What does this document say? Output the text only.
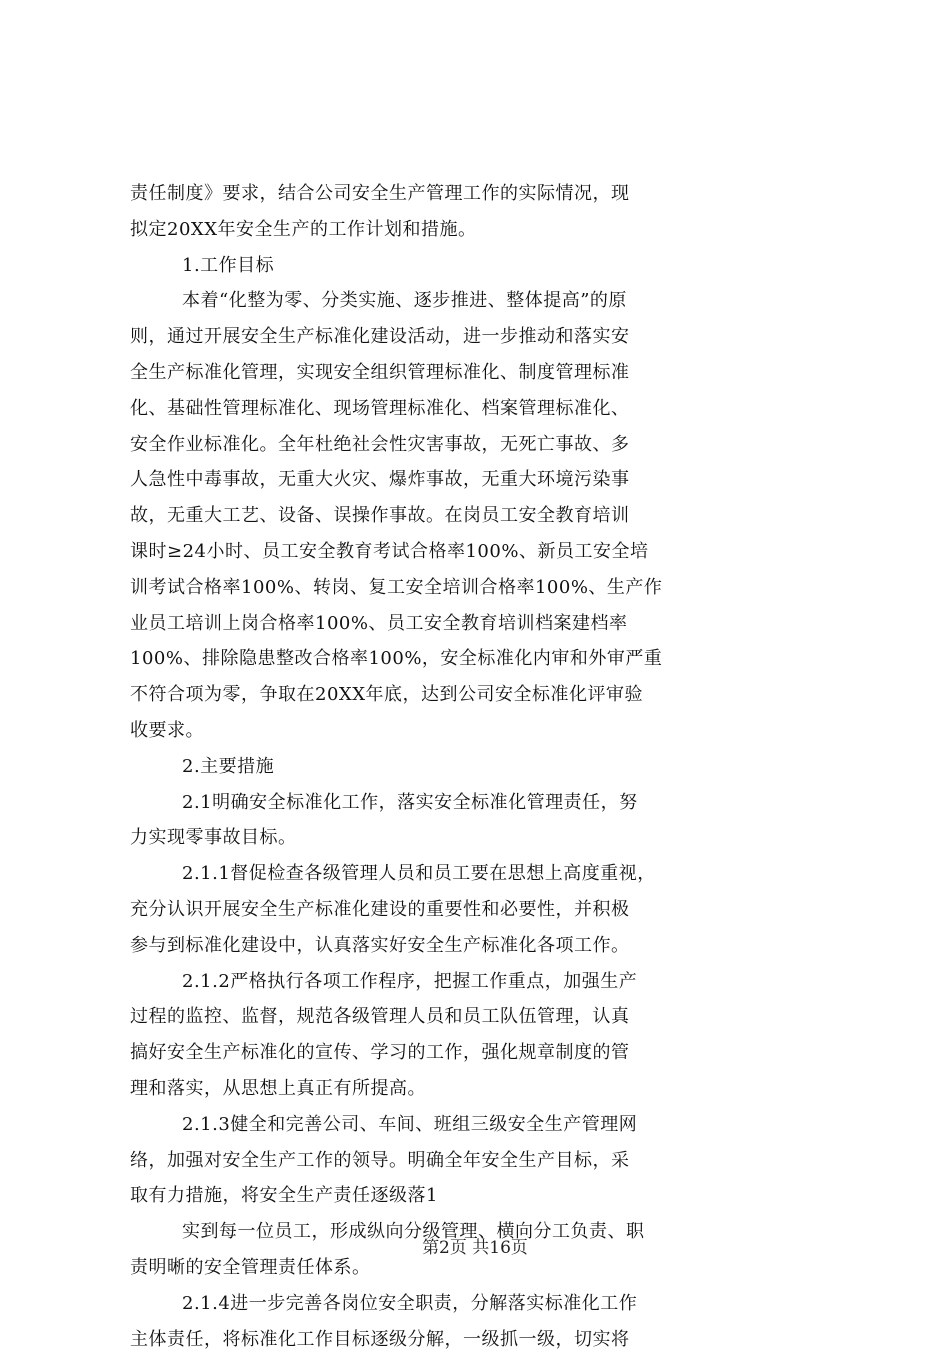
责任制度》要求，结合公司安全生产管理工作的实际情况，现
拟定20XX年安全生产的工作计划和措施。
1.工作目标
本着“化整为零、分类实施、逐步推进、整体提高”的原
则，通过开展安全生产标准化建设活动，进一步推动和落实安
全生产标准化管理，实现安全组织管理标准化、制度管理标准
化、基础性管理标准化、现场管理标准化、档案管理标准化、
安全作业标准化。全年杜绝社会性灾害事故，无死亡事故、多
人急性中毒事故，无重大火灾、爆炸事故，无重大环境污染事
故，无重大工艺、设备、误操作事故。在岗员工安全教育培训
课时≥24小时、员工安全教育考试合格率100%、新员工安全培
训考试合格率100%、转岗、复工安全培训合格率100%、生产作
业员工培训上岗合格率100%、员工安全教育培训档案建档率
100%、排除隐患整改合格率100%，安全标准化内审和外审严重
不符合项为零，争取在20XX年底，达到公司安全标准化评审验
收要求。
2.主要措施
2.1明确安全标准化工作，落实安全标准化管理责任，努
力实现零事故目标。
2.1.1督促检查各级管理人员和员工要在思想上高度重视，
充分认识开展安全生产标准化建设的重要性和必要性，并积极
参与到标准化建设中，认真落实好安全生产标准化各项工作。
2.1.2严格执行各项工作程序，把握工作重点，加强生产
过程的监控、监督，规范各级管理人员和员工队伍管理，认真
搞好安全生产标准化的宣传、学习的工作，强化规章制度的管
理和落实，从思想上真正有所提高。
2.1.3健全和完善公司、车间、班组三级安全生产管理网
络，加强对安全生产工作的领导。明确全年安全生产目标，采
取有力措施，将安全生产责任逐级落1
实到每一位员工，形成纵向分级管理、横向分工负责、职
责明晰的安全管理责任体系。
2.1.4进一步完善各岗位安全职责，分解落实标准化工作
主体责任，将标准化工作目标逐级分解，一级抓一级，切实将
第2页 共16页
